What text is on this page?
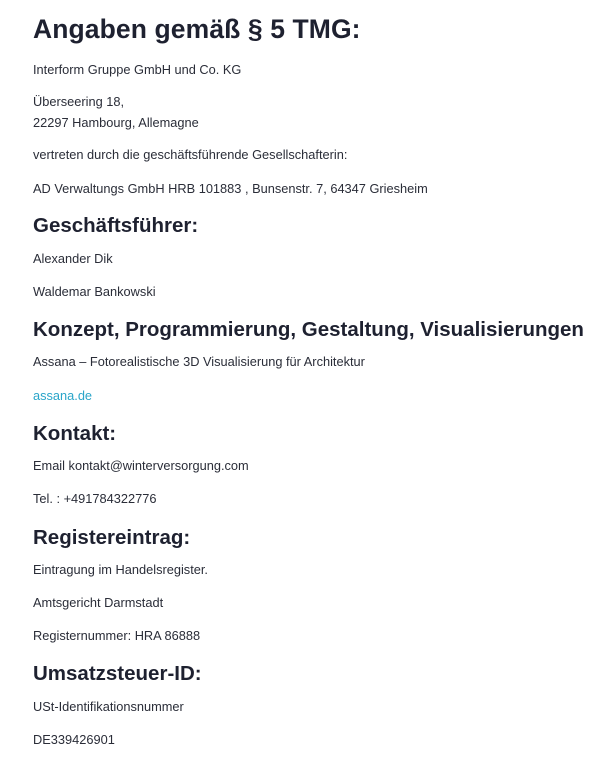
Angaben gemäß § 5 TMG:

Interform Gruppe GmbH und Co. KG

Überseering 18,

22297 Hambourg, Allemagne

vertreten durch die geschäftsführende Gesellschafterin:

AD Verwaltungs GmbH HRB 101883 , Bunsenstr. 7, 64347 Griesheim

Geschäftsführer:

Alexander Dik

Waldemar Bankowski

Konzept, Programmierung, Gestaltung, Visualisierungen

Assana – Fotorealistische 3D Visualisierung für Architektur

assana.de

Kontakt:

Email kontakt@winterversorgung.com

Tel. : +491784322776

Registereintrag:

Eintragung im Handelsregister.

Amtsgericht Darmstadt

Registernummer: HRA 86888

Umsatzsteuer-ID:

USt-Identifikationsnummer

DE339426901
